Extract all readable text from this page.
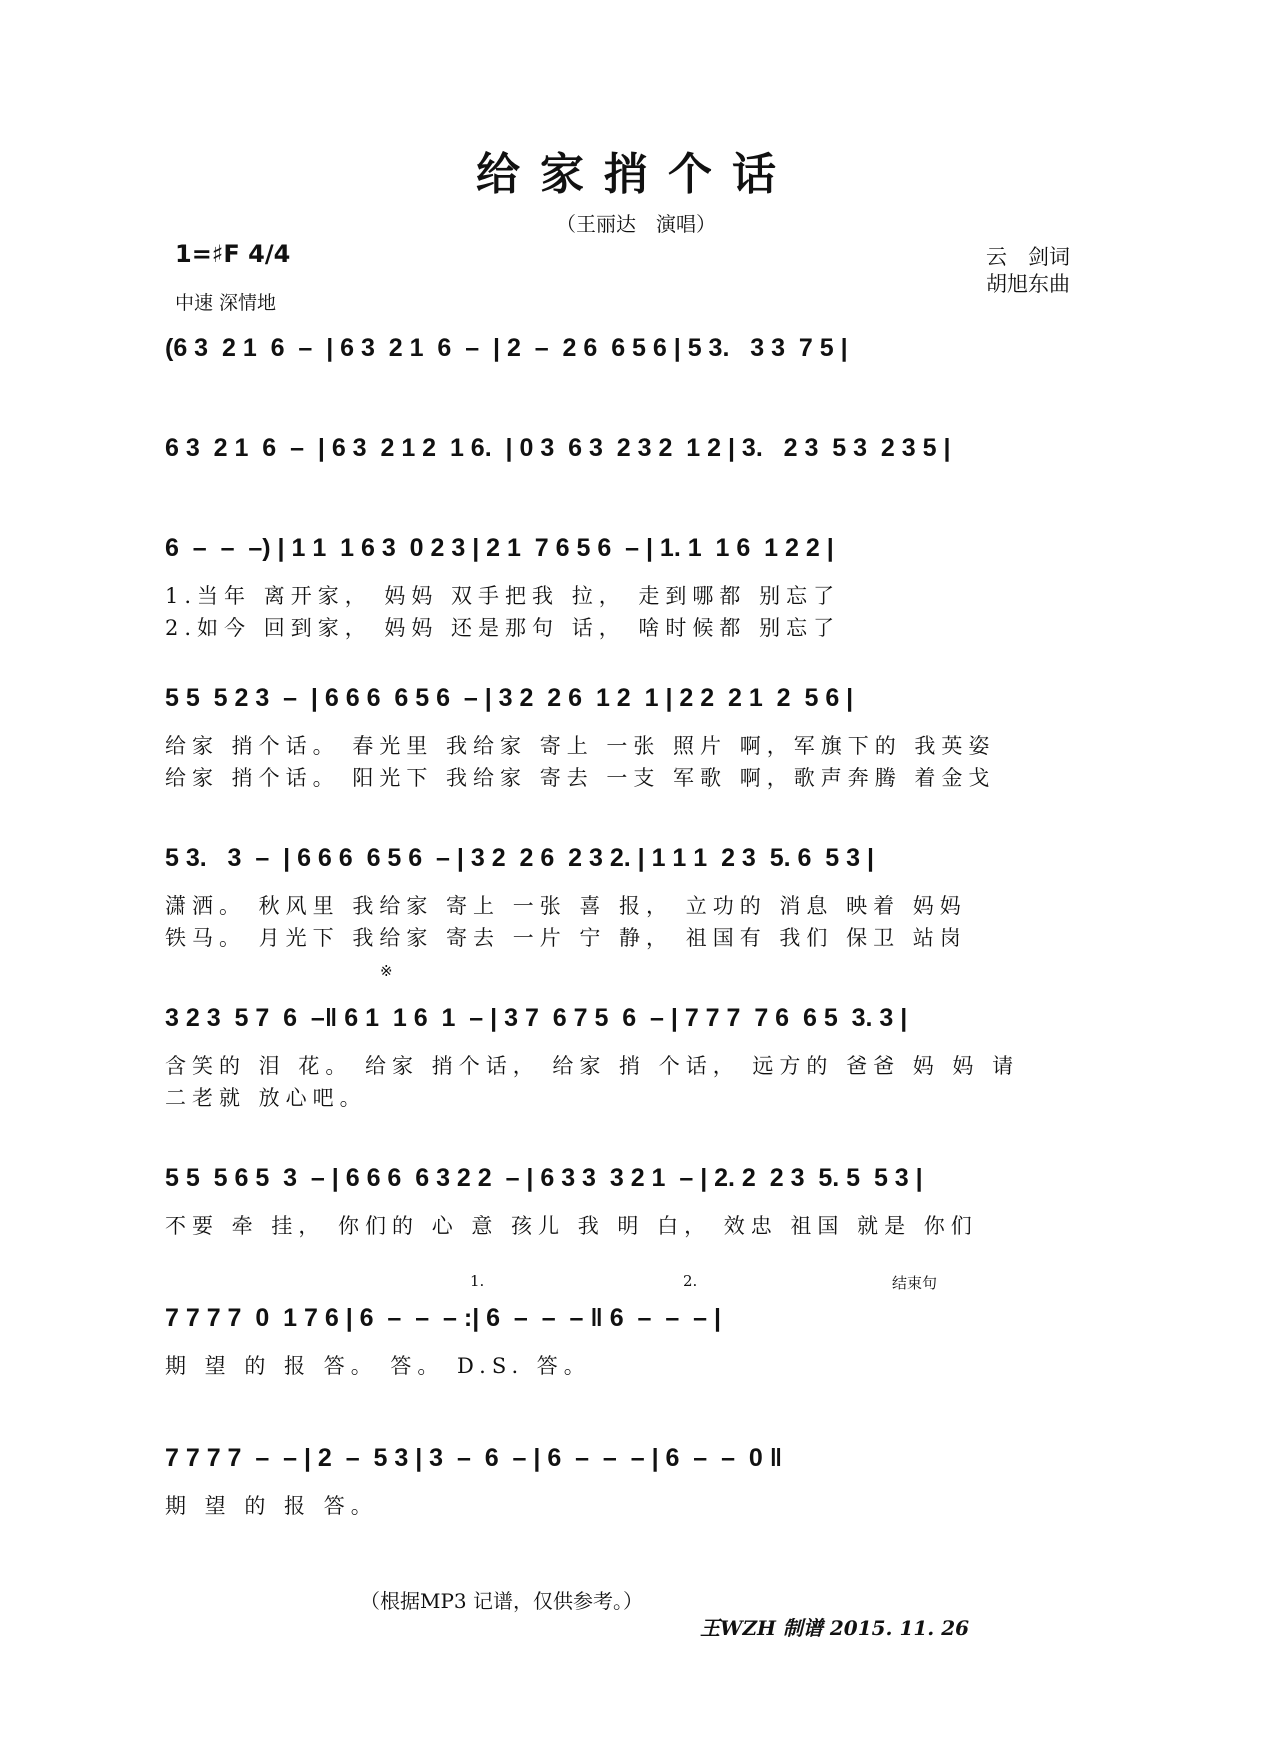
给家捎个话
（王丽达　演唱）
1=♯F 4/4
中速 深情地
云　剑词
胡旭东曲
(6 3  2 1  6  –  | 6 3  2 1  6  –  | 2  –  2 6  6 5 6 | 5 3.   3 3  7 5 |
6 3  2 1  6  –  | 6 3  2 1 2  1 6.  | 0 3  6 3  2 3 2  1 2 | 3.   2 3  5 3  2 3 5 |
6  –  –  –) | 1 1  1 6 3  0 2 3 | 2 1  7 6 5 6  – | 1. 1  1 6  1 2 2 |
1.当年 离开家， 妈妈 双手把我 拉， 走到哪都 别忘了
2.如今 回到家， 妈妈 还是那句 话， 啥时候都 别忘了
5 5  5 2 3  –  | 6 6 6  6 5 6  – | 3 2  2 6  1 2  1 | 2 2  2 1  2  5 6 |
给家 捎个话。 春光里 我给家 寄上 一张 照片 啊，军旗下的 我英姿
给家 捎个话。 阳光下 我给家 寄去 一支 军歌 啊，歌声奔腾 着金戈
5 3.   3  –  | 6 6 6  6 5 6  – | 3 2  2 6  2 3 2. | 1 1 1  2 3  5. 6  5 3 |
潇洒。 秋风里 我给家 寄上 一张 喜 报， 立功的 消息 映着 妈妈
铁马。 月光下 我给家 寄去 一片 宁 静， 祖国有 我们 保卫 站岗
※
3 2 3  5 7  6  –‖ 6 1  1 6  1  – | 3 7  6 7 5  6  – | 7 7 7  7 6  6 5  3. 3 |
含笑的 泪 花。 给家 捎个话， 给家 捎 个话， 远方的 爸爸 妈 妈 请
二老就 放心吧。
5 5  5 6 5  3  – | 6 6 6  6 3 2 2  – | 6 3 3  3 2 1  – | 2. 2  2 3  5. 5  5 3 |
不要 牵 挂， 你们的 心 意 孩儿 我 明 白， 效忠 祖国 就是 你们
1.	2.	结束句
7 7 7 7  0  1 7 6 | 6  –  –  – :| 6  –  –  – ‖ 6  –  –  – |
期 望 的 报 答。 答。 D.S. 答。
7 7 7 7  –  – | 2  –  5 3 | 3  –  6  – | 6  –  –  – | 6  –  –  0 ‖
期 望 的 报 答。
（根据MP3 记谱，仅供参考。）
王WZH 制谱 2015. 11. 26
